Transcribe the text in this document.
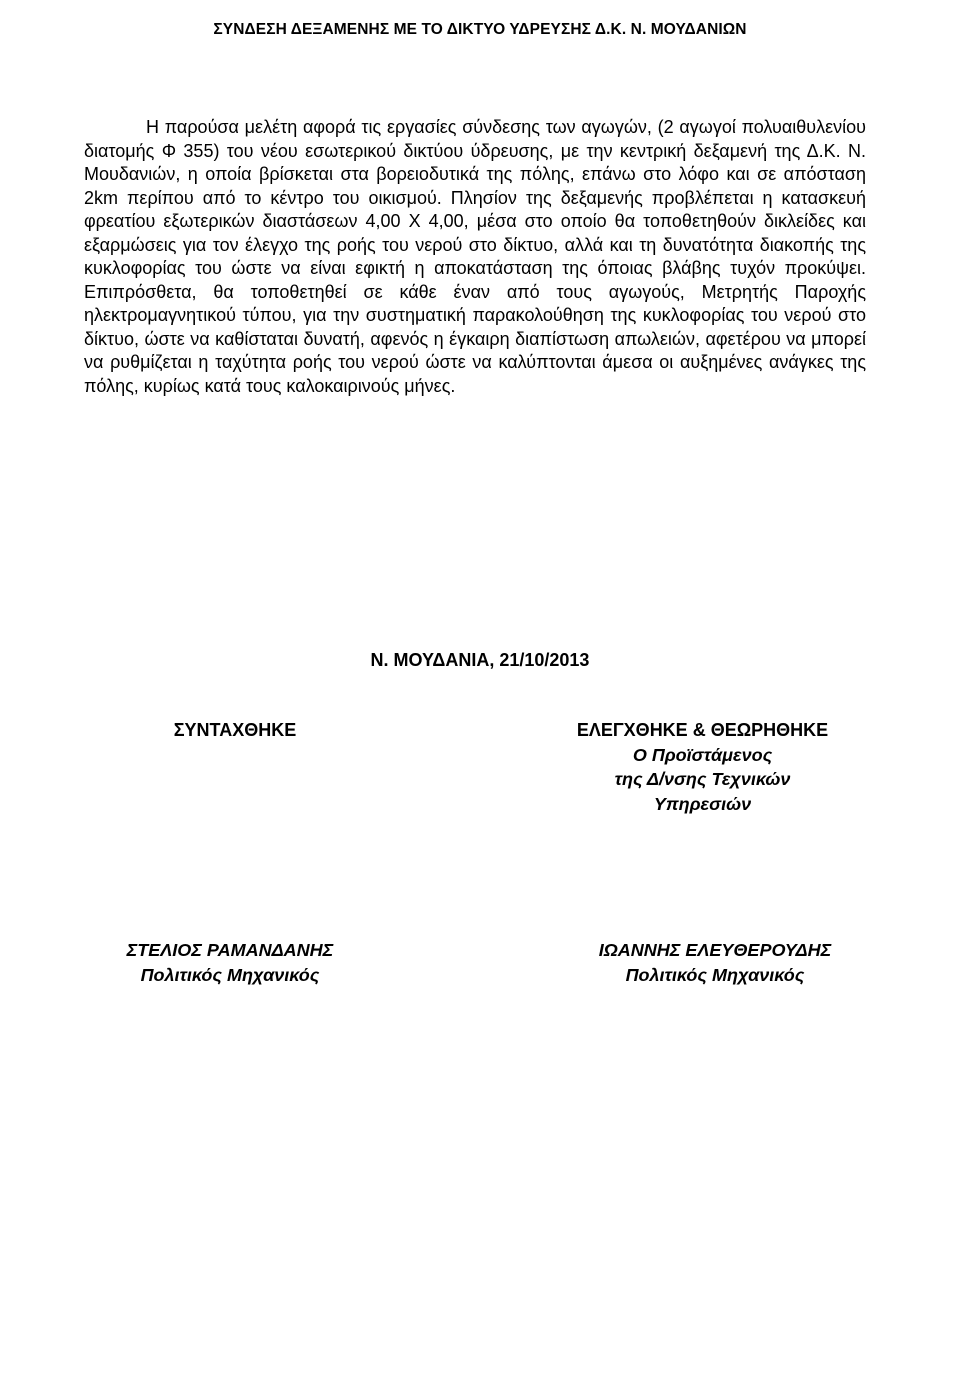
ΣΥΝΔΕΣΗ ΔΕΞΑΜΕΝΗΣ ΜΕ ΤΟ ΔΙΚΤΥΟ ΥΔΡΕΥΣΗΣ Δ.Κ. Ν. ΜΟΥΔΑΝΙΩΝ

Η παρούσα μελέτη αφορά τις εργασίες σύνδεσης των αγωγών, (2 αγωγοί πολυαιθυλενίου διατομής Φ 355) του νέου εσωτερικού δικτύου ύδρευσης, με την κεντρική δεξαμενή της Δ.Κ. Ν. Μουδανιών, η οποία βρίσκεται στα βορειοδυτικά της πόλης, επάνω στο λόφο και σε απόσταση 2km περίπου από το κέντρο του οικισμού. Πλησίον της δεξαμενής προβλέπεται η κατασκευή φρεατίου εξωτερικών διαστάσεων 4,00 Χ 4,00, μέσα στο οποίο θα τοποθετηθούν δικλείδες και εξαρμώσεις για τον έλεγχο της ροής του νερού στο δίκτυο, αλλά και τη δυνατότητα διακοπής της κυκλοφορίας του ώστε να είναι εφικτή η αποκατάσταση της όποιας βλάβης τυχόν προκύψει. Επιπρόσθετα, θα τοποθετηθεί σε κάθε έναν από τους αγωγούς, Μετρητής Παροχής ηλεκτρομαγνητικού τύπου, για την συστηματική παρακολούθηση της κυκλοφορίας του νερού στο δίκτυο, ώστε να καθίσταται δυνατή, αφενός η έγκαιρη διαπίστωση απωλειών, αφετέρου να μπορεί να ρυθμίζεται η ταχύτητα ροής του νερού ώστε να καλύπτονται άμεσα οι αυξημένες ανάγκες της πόλης, κυρίως κατά τους καλοκαιρινούς μήνες.

Ν. ΜΟΥΔΑΝΙΑ, 21/10/2013

ΣΥΝΤΑΧΘΗΚΕ	ΕΛΕΓΧΘΗΚΕ & ΘΕΩΡΗΘΗΚΕ
Ο Προϊστάμενος
της Δ/νσης Τεχνικών
Υπηρεσιών
ΣΤΕΛΙΟΣ ΡΑΜΑΝΔΑΝΗΣ
Πολιτικός Μηχανικός
ΙΩΑΝΝΗΣ ΕΛΕΥΘΕΡΟΥΔΗΣ
Πολιτικός Μηχανικός
